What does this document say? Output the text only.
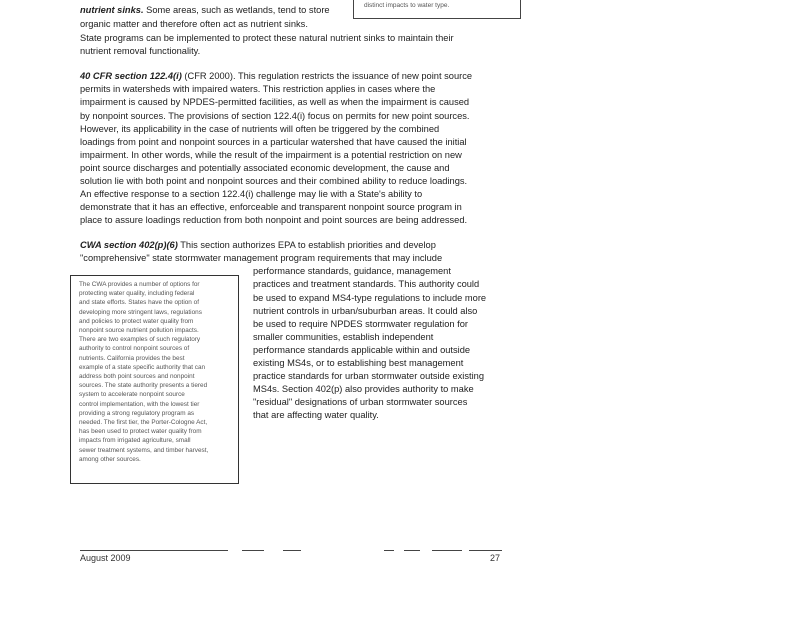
distinct impacts to water type.
nutrient sinks. Some areas, such as wetlands, tend to store
organic matter and therefore often act as nutrient sinks.
State programs can be implemented to protect these natural nutrient sinks to maintain their
nutrient removal functionality.
40 CFR section 122.4(i) (CFR 2000). This regulation restricts the issuance of new point source
permits in watersheds with impaired waters. This restriction applies in cases where the
impairment is caused by NPDES-permitted facilities, as well as when the impairment is caused
by nonpoint sources. The provisions of section 122.4(i) focus on permits for new point sources.
However, its applicability in the case of nutrients will often be triggered by the combined
loadings from point and nonpoint sources in a particular watershed that have caused the initial
impairment. In other words, while the result of the impairment is a potential restriction on new
point source discharges and potentially associated economic development, the cause and
solution lie with both point and nonpoint sources and their combined ability to reduce loadings.
An effective response to a section 122.4(i) challenge may lie with a State's ability to
demonstrate that it has an effective, enforceable and transparent nonpoint source program in
place to assure loadings reduction from both nonpoint and point sources are being addressed.
CWA section 402(p)(6) This section authorizes EPA to establish priorities and develop
"comprehensive" state stormwater management program requirements that may include
performance standards, guidance, management
practices and treatment standards. This authority could
be used to expand MS4-type regulations to include more
nutrient controls in urban/suburban areas. It could also
be used to require NPDES stormwater regulation for
smaller communities, establish independent
performance standards applicable within and outside
existing MS4s, or to establishing best management
practice standards for urban stormwater outside existing
MS4s. Section 402(p) also provides authority to make
"residual" designations of urban stormwater sources
that are affecting water quality.
The CWA provides a number of options for
protecting water quality, including federal
and state efforts. States have the option of
developing more stringent laws, regulations
and policies to protect water quality from
nonpoint source nutrient pollution impacts.
There are two examples of such regulatory
authority to control nonpoint sources of
nutrients. California provides the best
example of a state specific authority that can
address both point sources and nonpoint
sources. The state authority presents a tiered
system to accelerate nonpoint source
control implementation, with the lowest tier
providing a strong regulatory program as
needed. The first tier, the Porter-Cologne Act,
has been used to protect water quality from
impacts from irrigated agriculture, small
sewer treatment systems, and timber harvest,
among other sources.
August 2009	27
